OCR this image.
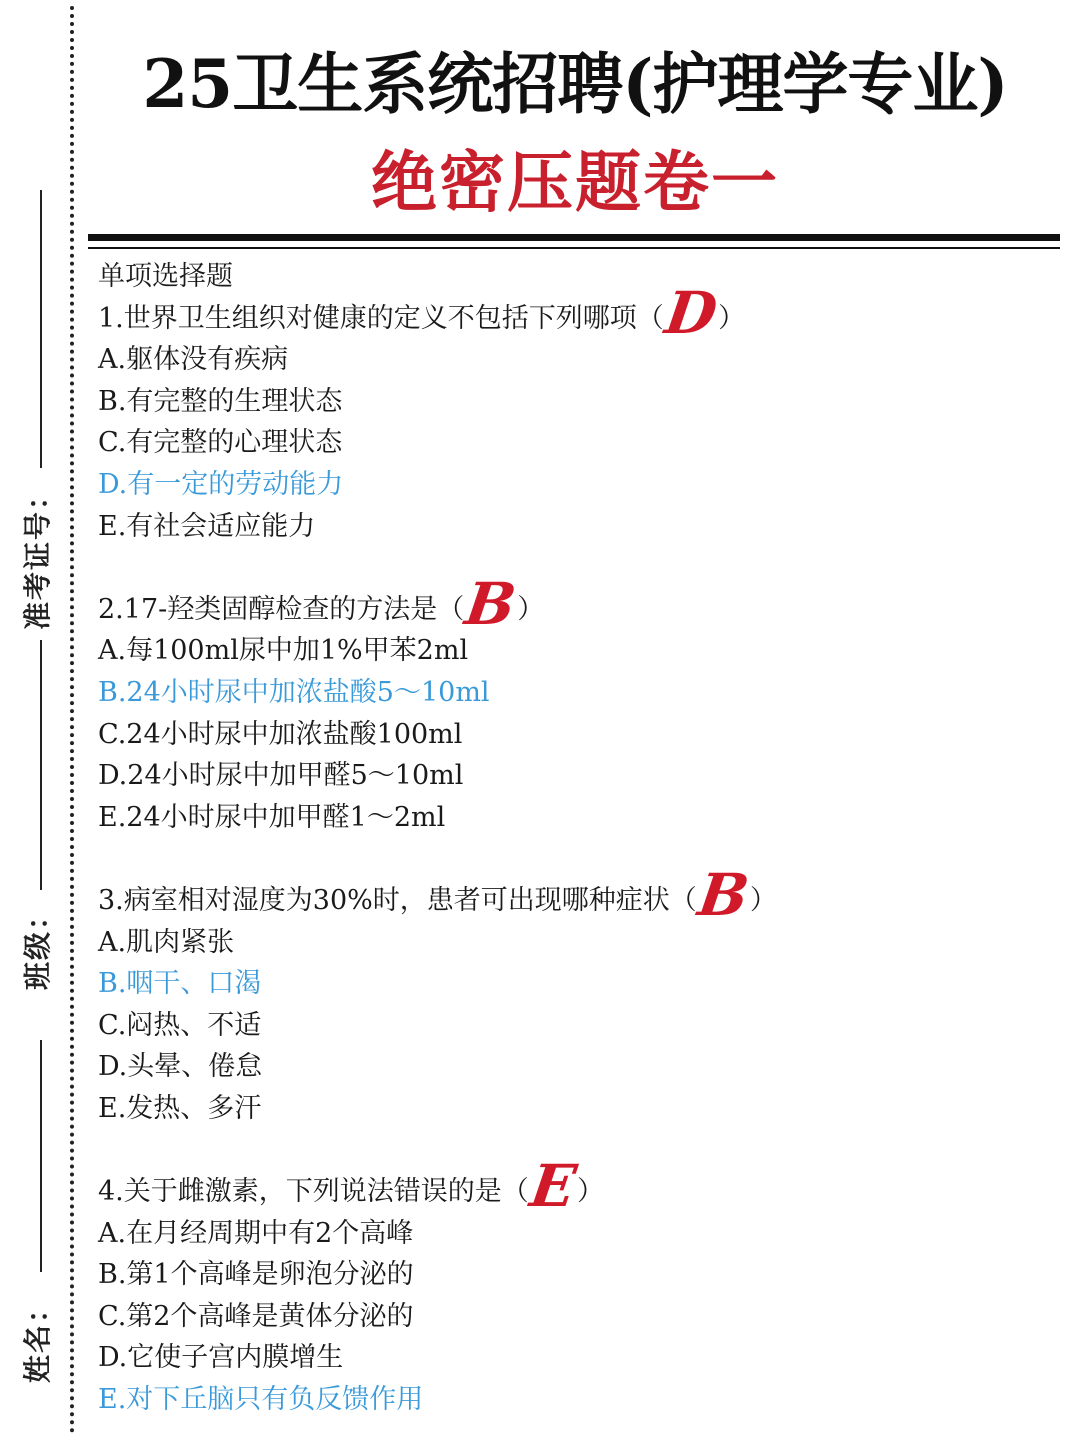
准考证号：
班级：
姓名：
25卫生系统招聘(护理学专业)
绝密压题卷一
单项选择题
1.世界卫生组织对健康的定义不包括下列哪项（D）
A.躯体没有疾病
B.有完整的生理状态
C.有完整的心理状态
D.有一定的劳动能力
E.有社会适应能力
2.17-羟类固醇检查的方法是（B）
A.每100ml尿中加1%甲苯2ml
B.24小时尿中加浓盐酸5～10ml
C.24小时尿中加浓盐酸100ml
D.24小时尿中加甲醛5～10ml
E.24小时尿中加甲醛1～2ml
3.病室相对湿度为30%时，患者可出现哪种症状（B）
A.肌肉紧张
B.咽干、口渴
C.闷热、不适
D.头晕、倦怠
E.发热、多汗
4.关于雌激素，下列说法错误的是（E）
A.在月经周期中有2个高峰
B.第1个高峰是卵泡分泌的
C.第2个高峰是黄体分泌的
D.它使子宫内膜增生
E.对下丘脑只有负反馈作用
